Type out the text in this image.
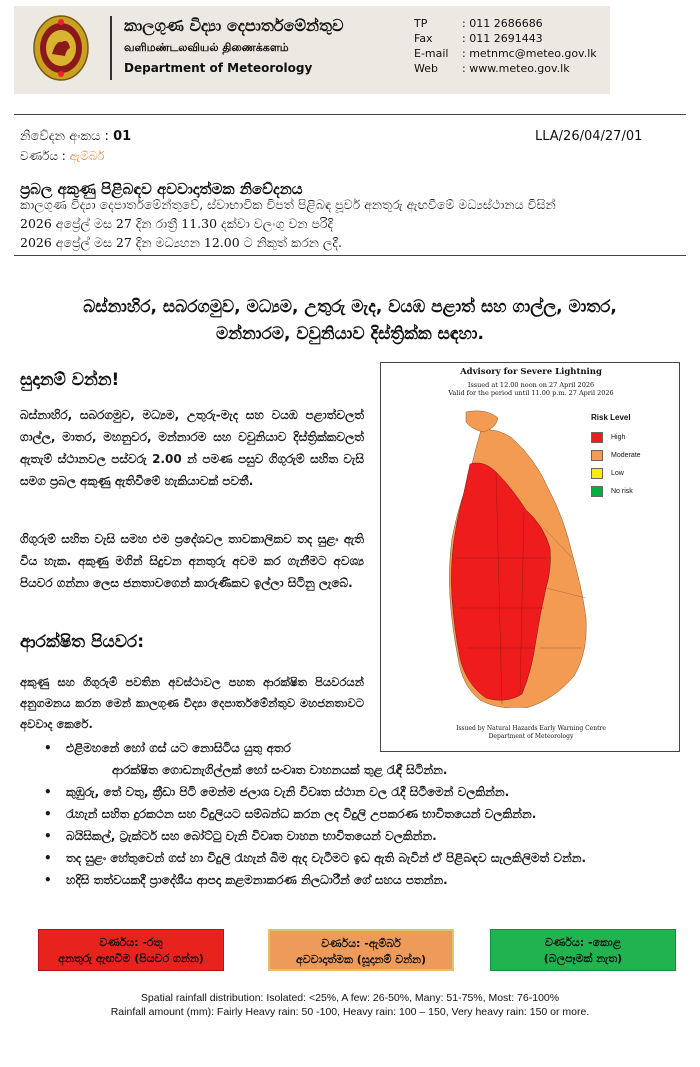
කාලගුණ විද්‍යා දෙපාර්තමේන්තුව
வளிமண்டலவியல் திணைக்களம்
Department of Meteorology
TP	: 011 2686686
Fax	: 011 2691443
E-mail	: metnmc@meteo.gov.lk
Web	: www.meteo.gov.lk
නිවේදන අංකය : 01	LLA/26/04/27/01
වර්ණය : ඇම්බර්
ප්‍රබල අකුණු පිළිබඳව අවවාදාත්මක නිවේදනය
කාලගුණ විද්‍යා දෙපාර්තමේන්තුවේ, ස්වාභාවික විපත් පිළිබඳ පූර්ව අනතුරු ඇඟවීමේ මධ්‍යස්ථානය විසින්
2026 අප්‍රේල් මස 27 දින රාත්‍රී 11.30 දක්වා වලංගු වන පරිදි
2026 අප්‍රේල් මස 27 දින මධ්‍යහන 12.00 ට නිකුත් කරන ලදී.
බස්නාහිර, සබරගමුව, මධ්‍යම, උතුරු මැද, වයඹ පළාත් සහ ගාල්ල, මාතර,
මන්නාරම, වවුනියාව දිස්ත්‍රික්ක සඳහා.
සුදානම් වන්න!
බස්නාහිර, සබරගමුව, මධ්‍යම, උතුරු-මැද සහ වයඹ පළාත්වලත් ගාල්ල, මාතර, මහනුවර, මන්නාරම සහ වවුනියාව දිස්ත්‍රික්කවලත් ඇතැම් ස්ථානවල පස්වරු 2.00 න් පමණ පසුව ගිගුරුම් සහිත වැසි සමග ප්‍රබල අකුණු ඇතිවීමේ හැකියාවක් පවතී.
ගිගුරුම් සහිත වැසි සමහ එම ප්‍රදේශවල තාවකාලිකව තද සුළං ඇති විය හැක. අකුණු මගින් සිදුවන අනතුරු අවම කර ගැනීමට අවශ්‍ය පියවර ගන්නා ලෙස ජනතාවගෙන් කාරුණිකව ඉල්ලා සිටිනු ලැබේ.
ආරක්ෂිත පියවර:
අකුණු සහ ගිගුරුම් පවතින අවස්ථාවල පහත ආරක්ෂිත පියවරයන් අනුගමනය කරන මෙන් කාලගුණ විද්‍යා දෙපාර්තමේන්තුව මහජනතාවට අවවාද කෙරේ.
Advisory for Severe Lightning
Issued at 12.00 noon on 27 April 2026
Valid for the period until 11.00 p.m. 27 April 2026
Risk Level
High
Moderate
Low
No risk
Issued by Natural Hazards Early Warning Centre
Department of Meteorology
එළිමහනේ හෝ ගස් යට නොසිටිය යුතු අතර
ආරක්ෂිත ගොඩනැගිල්ලක් හෝ සංවෘත වාහනයක් තුළ රැඳී සිටින්න.
කුඹුරු, තේ වතු, ක්‍රීඩා පිටි මෙන්ම ජලාශ වැනි විවෘත ස්ථාන වල රැදී සිටීමෙන් වලකින්න.
රැහැන් සහිත දුරකථන සහ විදුලියට සම්බන්ධ කරන ලද විදුලි උපකරණ භාවිතයෙන් වලකින්න.
බයිසිකල්, ට්‍රැක්ටර් සහ බෝට්ටු වැනි විවෘත වාහන භාවිතයෙන් වලකින්න.
තද සුළං හේතුවෙන් ගස් හා විදුලි රැහැන් බිම ඇද වැටීමට ඉඩ ඇති බැවින් ඒ පිළිබඳව සැලකිලිමත් වන්න.
හදිසි තත්වයකදී ප්‍රාදේශීය ආපදා කළමනාකරණ නිලධාරීන් ගේ සහය පතන්න.
වර්ණය: -රතු
අනතුරු ඇඟවීම (පියවර ගන්න)
වර්ණය: -ඇම්බර්
අවවාදාත්මක (සූදානම් වන්න)
වර්ණය: -කොළ
(බලපෑමක් නැත)
Spatial rainfall distribution: Isolated: <25%, A few: 26-50%, Many: 51-75%, Most: 76-100%
Rainfall amount (mm): Fairly Heavy rain: 50 -100, Heavy rain: 100 – 150, Very heavy rain: 150 or more.
